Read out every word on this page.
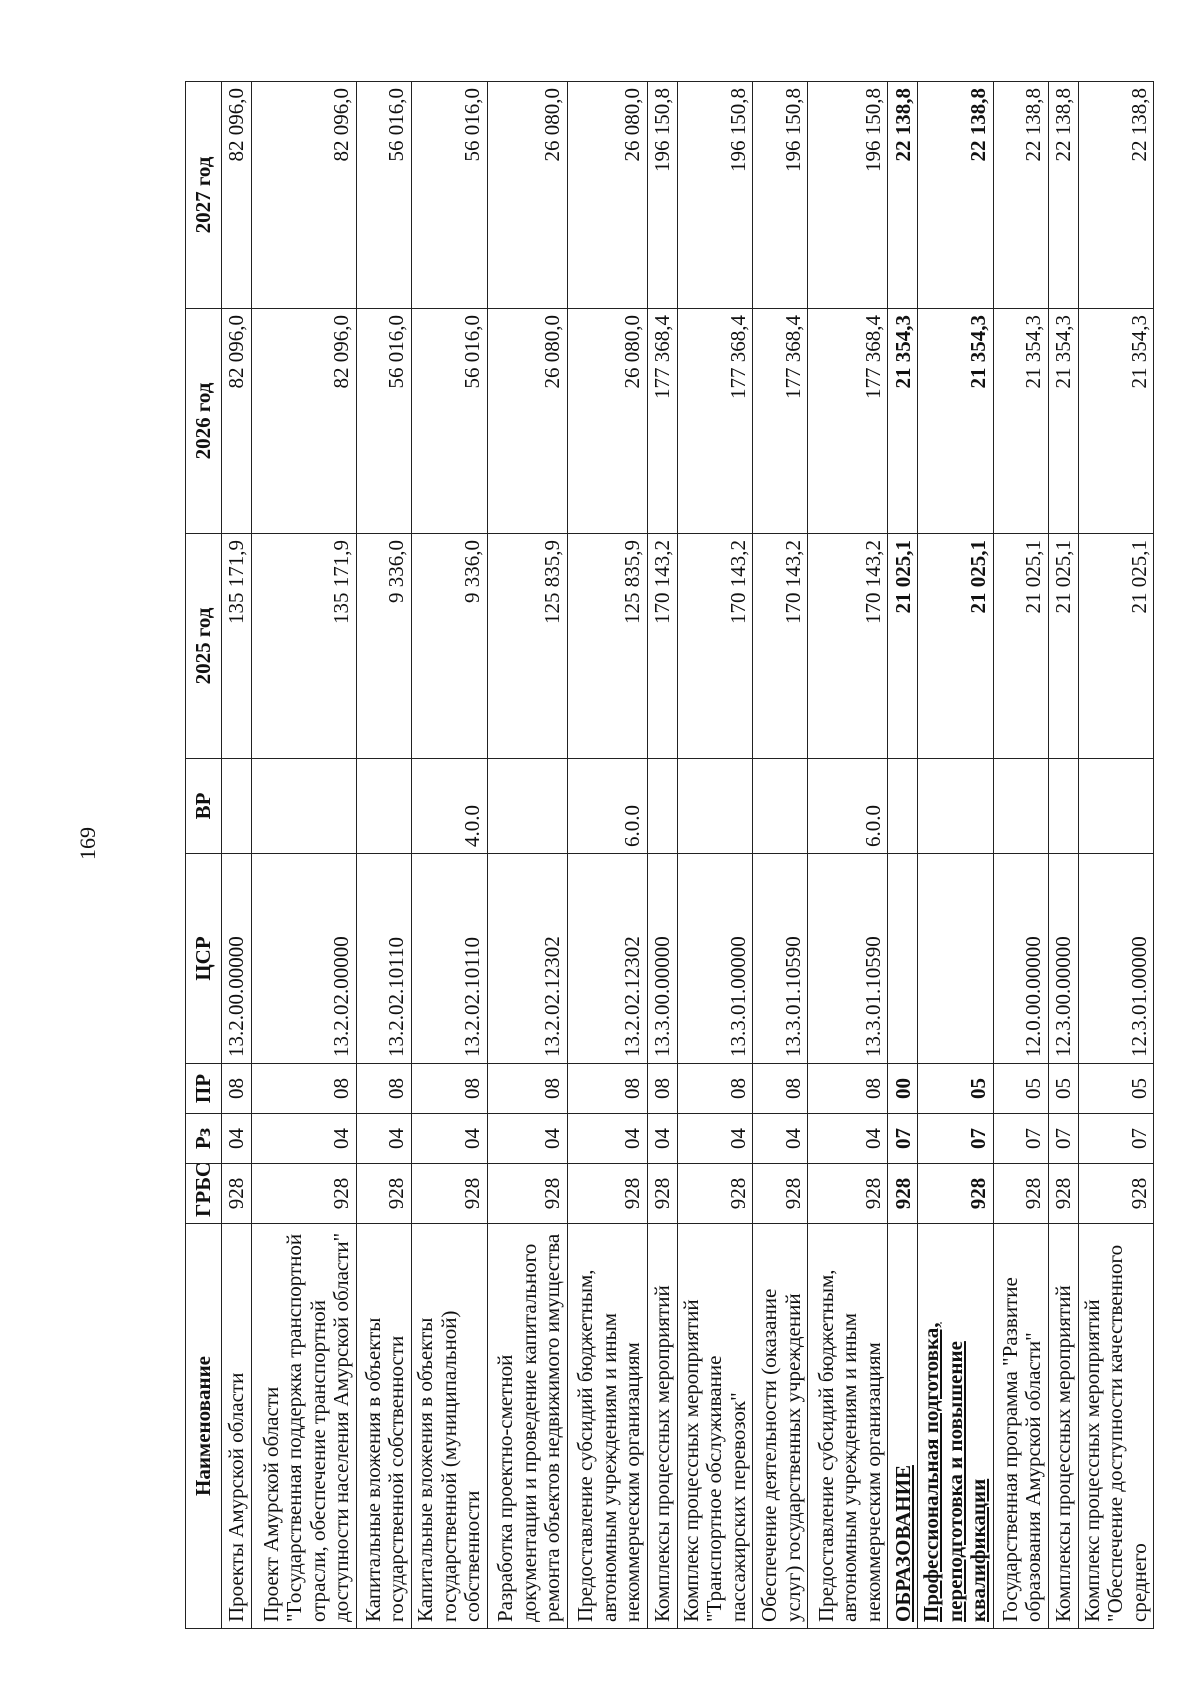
169
Наименование	ГРБС	Рз	ПР	ЦСР	ВР	2025 год	2026 год	2027 год
Проекты Амурской области	928	04	08	13.2.00.00000		135 171,9	82 096,0	82 096,0
Проект Амурской области "Государственная поддержка транспортной отрасли, обеспечение транспортной доступности населения Амурской области"	928	04	08	13.2.02.00000		135 171,9	82 096,0	82 096,0
Капитальные вложения в объекты государственной собственности	928	04	08	13.2.02.10110		9 336,0	56 016,0	56 016,0
Капитальные вложения в объекты государственной (муниципальной) собственности	928	04	08	13.2.02.10110	4.0.0	9 336,0	56 016,0	56 016,0
Разработка проектно-сметной документации и проведение капитального ремонта объектов недвижимого имущества	928	04	08	13.2.02.12302		125 835,9	26 080,0	26 080,0
Предоставление субсидий бюджетным, автономным учреждениям и иным некоммерческим организациям	928	04	08	13.2.02.12302	6.0.0	125 835,9	26 080,0	26 080,0
Комплексы процессных мероприятий	928	04	08	13.3.00.00000		170 143,2	177 368,4	196 150,8
Комплекс процессных мероприятий "Транспортное обслуживание пассажирских перевозок"	928	04	08	13.3.01.00000		170 143,2	177 368,4	196 150,8
Обеспечение деятельности (оказание услуг) государственных учреждений	928	04	08	13.3.01.10590		170 143,2	177 368,4	196 150,8
Предоставление субсидий бюджетным, автономным учреждениям и иным некоммерческим организациям	928	04	08	13.3.01.10590	6.0.0	170 143,2	177 368,4	196 150,8
ОБРАЗОВАНИЕ	928	07	00			21 025,1	21 354,3	22 138,8
Профессиональная подготовка, переподготовка и повышение квалификации	928	07	05			21 025,1	21 354,3	22 138,8
Государственная программа "Развитие образования Амурской области"	928	07	05	12.0.00.00000		21 025,1	21 354,3	22 138,8
Комплексы процессных мероприятий	928	07	05	12.3.00.00000		21 025,1	21 354,3	22 138,8
Комплекс процессных мероприятий "Обеспечение доступности качественного среднего	928	07	05	12.3.01.00000		21 025,1	21 354,3	22 138,8
